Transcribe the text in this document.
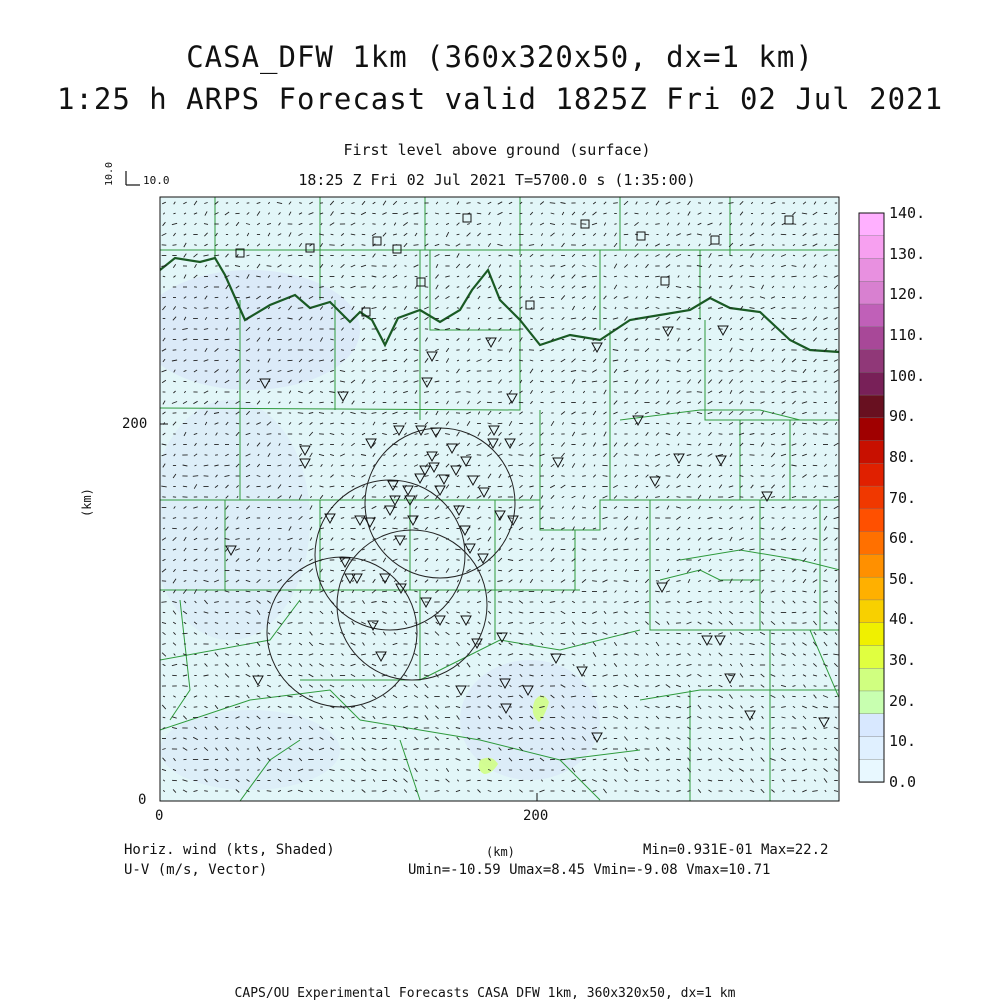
CASA_DFW 1km (360x320x50, dx=1 km)
1:25 h ARPS Forecast valid 1825Z Fri 02 Jul 2021
First level above ground (surface)
18:25 Z Fri 02 Jul 2021 T=5700.0 s (1:35:00)
10.0	10.0
200
0
0	200
(km)
(km)
140.
130.
120.
110.
100.
90.
80.
70.
60.
50.
40.
30.
20.
10.
0.0
Horiz. wind (kts, Shaded)
U-V (m/s, Vector)
Min=0.931E-01 Max=22.2
Umin=-10.59 Umax=8.45 Vmin=-9.08 Vmax=10.71
CAPS/OU Experimental Forecasts CASA DFW 1km, 360x320x50, dx=1 km
